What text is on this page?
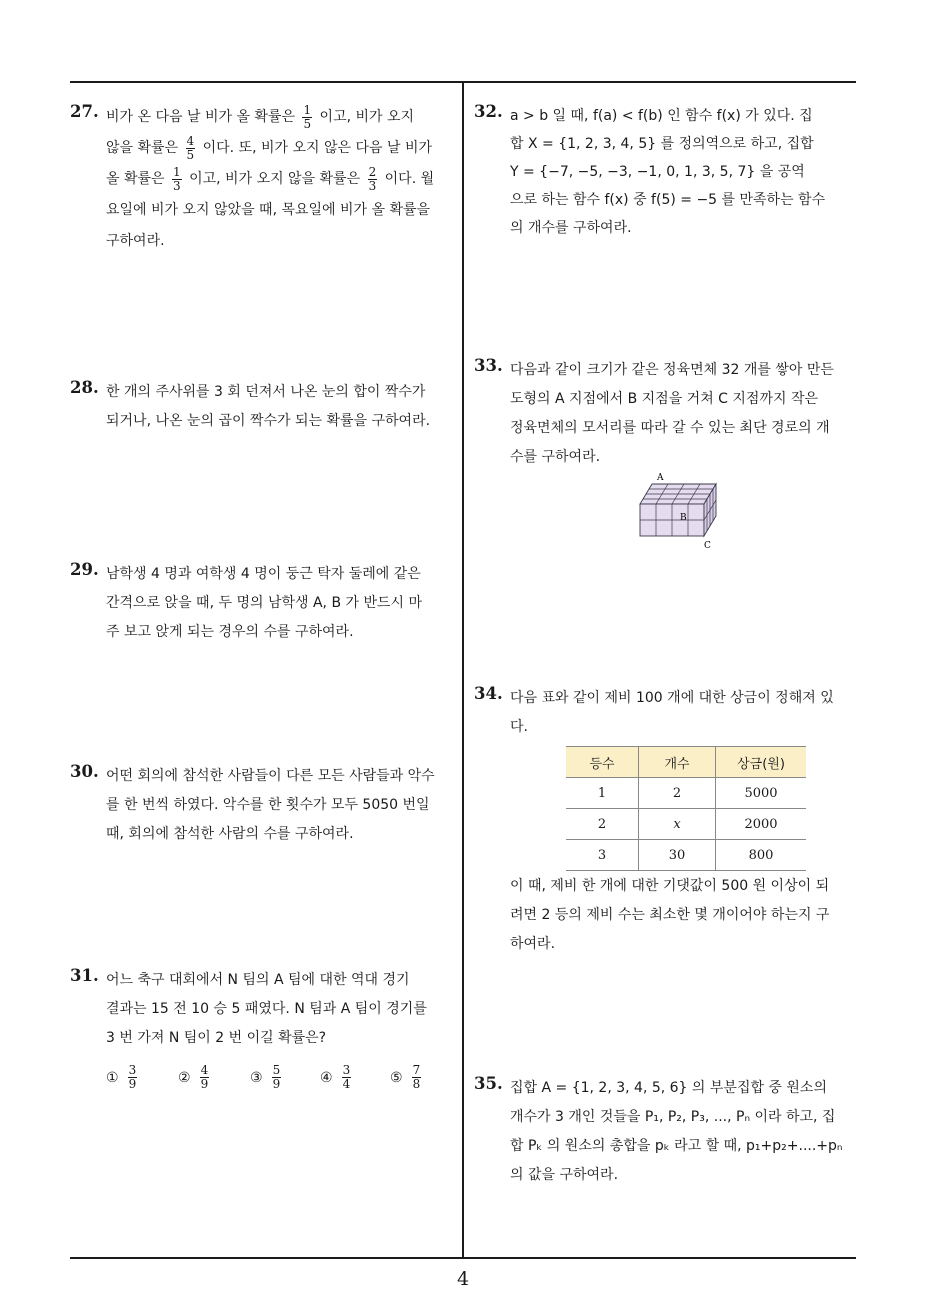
27. 비가 온 다음 날 비가 올 확률은 $\frac{1}{5}$ 이고, 비가 오지
않을 확률은 $\frac{4}{5}$ 이다. 또, 비가 오지 않은 다음 날 비가
올 확률은 $\frac{1}{3}$ 이고, 비가 오지 않을 확률은 $\frac{2}{3}$ 이다. 월
요일에 비가 오지 않았을 때, 목요일에 비가 올 확률을
구하여라.
28. 한 개의 주사위를 3 회 던져서 나온 눈의 합이 짝수가
되거나, 나온 눈의 곱이 짝수가 되는 확률을 구하여라.
29. 남학생 4 명과 여학생 4 명이 둥근 탁자 둘레에 같은
간격으로 앉을 때, 두 명의 남학생 A, B 가 반드시 마
주 보고 앉게 되는 경우의 수를 구하여라.
30. 어떤 회의에 참석한 사람들이 다른 모든 사람들과 악수
를 한 번씩 하였다. 악수를 한 횟수가 모두 5050 번일
때, 회의에 참석한 사람의 수를 구하여라.
31. 어느 축구 대회에서 N 팀의 A 팀에 대한 역대 경기
결과는 15 전 10 승 5 패였다. N 팀과 A 팀이 경기를
3 번 가져 N 팀이 2 번 이길 확률은?
① $\frac{3}{9}$	② $\frac{4}{9}$	③ $\frac{5}{9}$	④ $\frac{3}{4}$	⑤ $\frac{7}{8}$
32. a > b 일 때, f(a) < f(b) 인 함수 f(x) 가 있다. 집
합 X = {1, 2, 3, 4, 5} 를 정의역으로 하고, 집합
Y = {−7, −5, −3, −1, 0, 1, 3, 5, 7} 을 공역
으로 하는 함수 f(x) 중 f(5) = −5 를 만족하는 함수
의 개수를 구하여라.
33. 다음과 같이 크기가 같은 정육면체 32 개를 쌓아 만든
도형의 A 지점에서 B 지점을 거쳐 C 지점까지 작은
정육면체의 모서리를 따라 갈 수 있는 최단 경로의 개
수를 구하여라.
A
B
C
34. 다음 표와 같이 제비 100 개에 대한 상금이 정해져 있
다.
등수	개수	상금(원)
1	2	5000
2	x	2000
3	30	800
이 때, 제비 한 개에 대한 기댓값이 500 원 이상이 되
려면 2 등의 제비 수는 최소한 몇 개이어야 하는지 구
하여라.
35. 집합 A = {1, 2, 3, 4, 5, 6} 의 부분집합 중 원소의
개수가 3 개인 것들을 P₁, P₂, P₃, ..., Pₙ 이라 하고, 집
합 Pₖ 의 원소의 총합을 pₖ 라고 할 때, p₁+p₂+....+pₙ
의 값을 구하여라.
4
